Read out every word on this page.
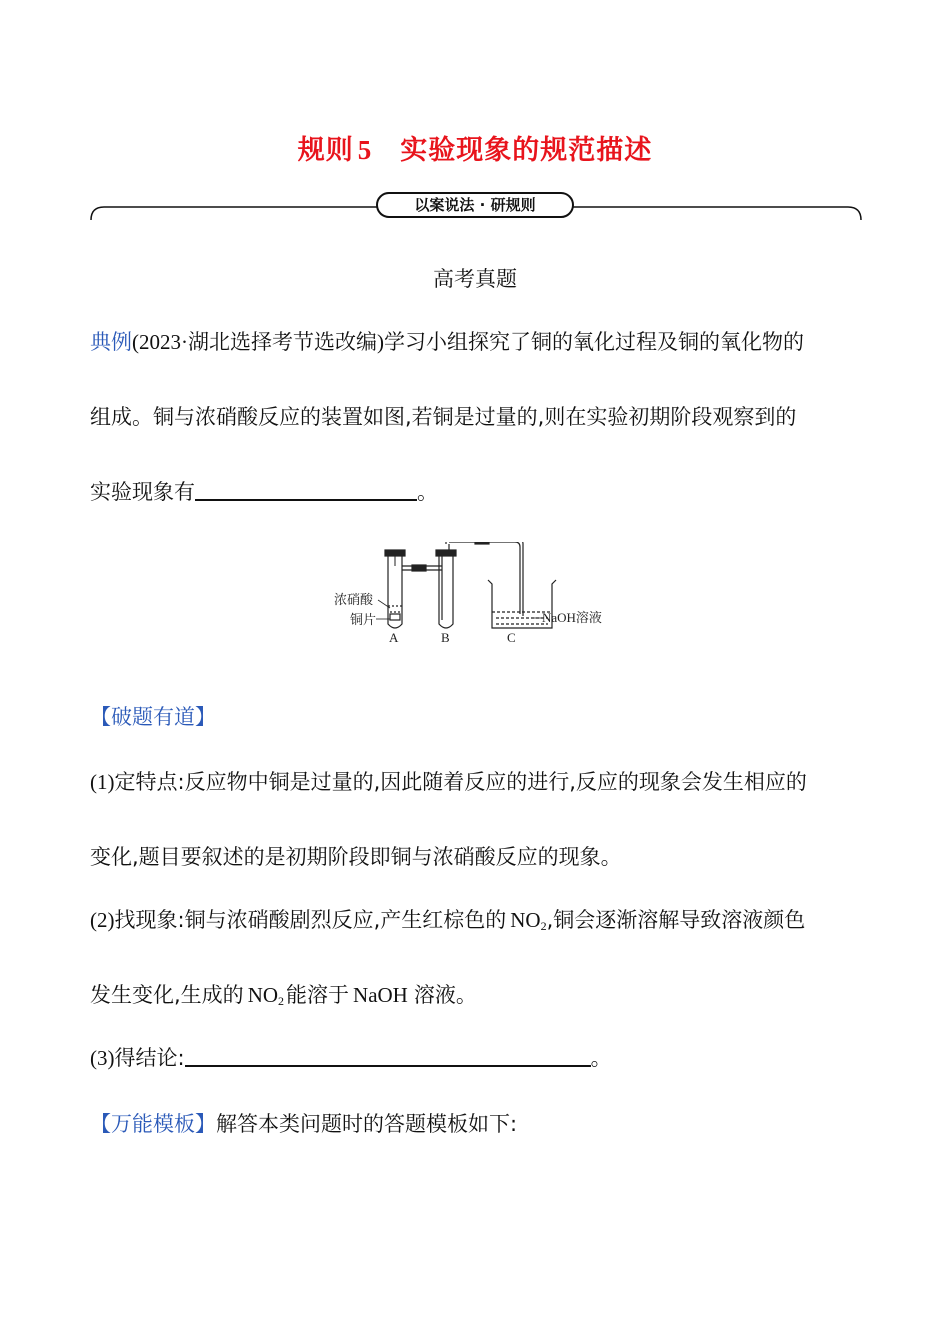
规则 5 实验现象的规范描述
以案说法 · 研规则
高考真题
典例(2023·湖北选择考节选改编)学习小组探究了铜的氧化过程及铜的氧化物的
组成。铜与浓硝酸反应的装置如图,若铜是过量的,则在实验初期阶段观察到的
实验现象有	。
浓硝酸
铜片	NaOH溶液
A	B	C
【破题有道】
(1)定特点:反应物中铜是过量的,因此随着反应的进行,反应的现象会发生相应的
变化,题目要叙述的是初期阶段即铜与浓硝酸反应的现象。
(2)找现象:铜与浓硝酸剧烈反应,产生红棕色的 $NO_2$,铜会逐渐溶解导致溶液颜色
发生变化,生成的 $NO_2$能溶于 NaOH 溶液。
(3)得结论:	。
【万能模板】解答本类问题时的答题模板如下:
